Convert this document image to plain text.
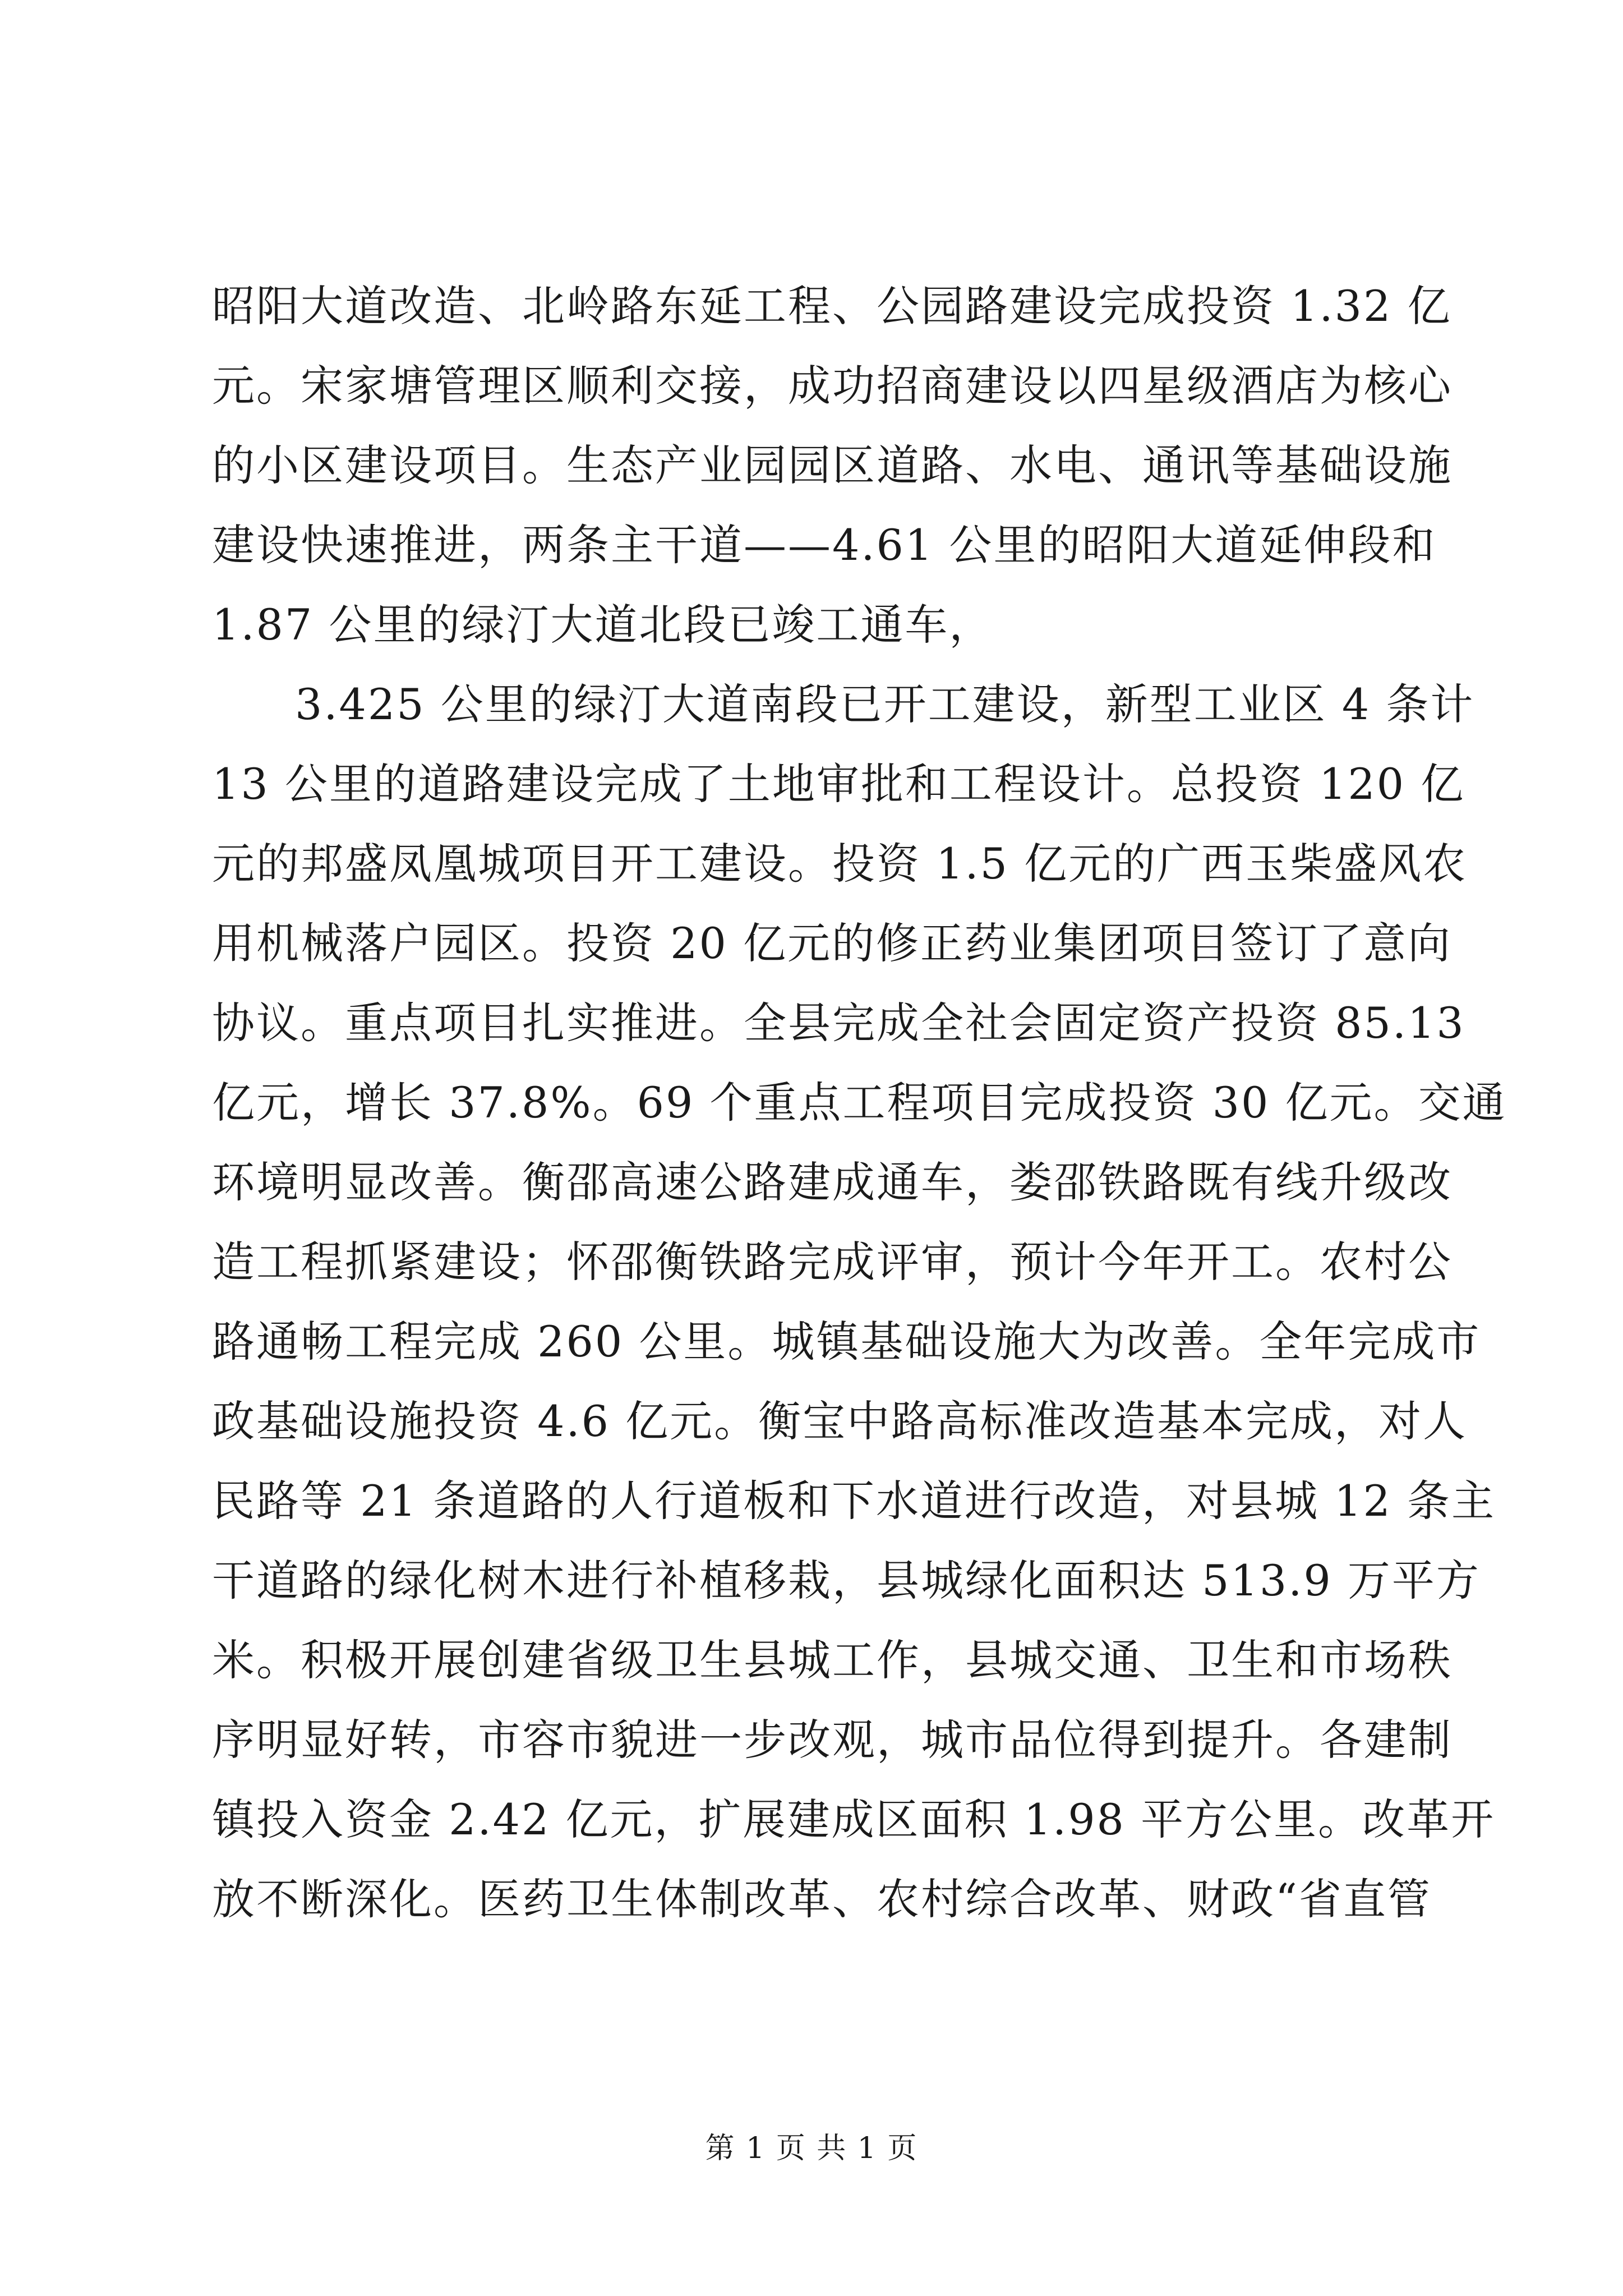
昭阳大道改造、北岭路东延工程、公园路建设完成投资 1.32 亿
元。宋家塘管理区顺利交接，成功招商建设以四星级酒店为核心
的小区建设项目。生态产业园园区道路、水电、通讯等基础设施
建设快速推进，两条主干道——4.61 公里的昭阳大道延伸段和
1.87 公里的绿汀大道北段已竣工通车，
3.425 公里的绿汀大道南段已开工建设，新型工业区 4 条计
13 公里的道路建设完成了土地审批和工程设计。总投资 120 亿
元的邦盛凤凰城项目开工建设。投资 1.5 亿元的广西玉柴盛风农
用机械落户园区。投资 20 亿元的修正药业集团项目签订了意向
协议。重点项目扎实推进。全县完成全社会固定资产投资 85.13
亿元，增长 37.8%。69 个重点工程项目完成投资 30 亿元。交通
环境明显改善。衡邵高速公路建成通车，娄邵铁路既有线升级改
造工程抓紧建设；怀邵衡铁路完成评审，预计今年开工。农村公
路通畅工程完成 260 公里。城镇基础设施大为改善。全年完成市
政基础设施投资 4.6 亿元。衡宝中路高标准改造基本完成，对人
民路等 21 条道路的人行道板和下水道进行改造，对县城 12 条主
干道路的绿化树木进行补植移栽，县城绿化面积达 513.9 万平方
米。积极开展创建省级卫生县城工作，县城交通、卫生和市场秩
序明显好转，市容市貌进一步改观，城市品位得到提升。各建制
镇投入资金 2.42 亿元，扩展建成区面积 1.98 平方公里。改革开
放不断深化。医药卫生体制改革、农村综合改革、财政“省直管
第 1 页 共 1 页
